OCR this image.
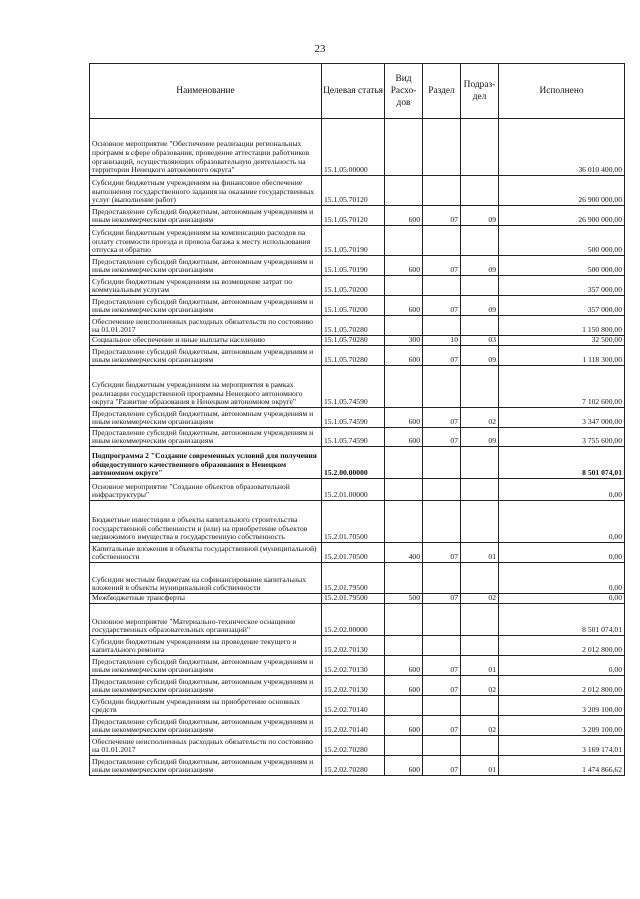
23
Наименование	Целевая статья	Вид Расхо-дов	Раздел	Подраз-дел	Исполнено
Основное мероприятие "Обеспечение реализации региональных программ в сфере образования, проведение аттестации работников организаций, осуществляющих образовательную деятельность на территории Ненецкого автономного округа"	15.1.05.00000				36 010 400,00
Субсидии бюджетным учреждениям на финансовое обеспечение выполнения государственного задания на оказание государственных услуг (выполнение работ)	15.1.05.70120				26 900 000,00
Предоставление субсидий бюджетным, автономным учреждениям и иным некоммерческим организациям	15.1.05.70120	600	07	09	26 900 000,00
Субсидии бюджетным учреждениям на компенсацию расходов на оплату стоимости проезда и провоза багажа к месту использования отпуска и обратно	15.1.05.70190				500 000,00
Предоставление субсидий бюджетным, автономным учреждениям и иным некоммерческим организациям	15.1.05.70190	600	07	09	500 000,00
Субсидии бюджетным учреждениям на возмещение затрат по коммунальным услугам	15.1.05.70200				357 000,00
Предоставление субсидий бюджетным, автономным учреждениям и иным некоммерческим организациям	15.1.05.70200	600	07	09	357 000,00
Обеспечение неисполненных расходных обязательств по состоянию на 01.01.2017	15.1.05.70280				1 150 800,00
Социальное обеспечение и иные выплаты населению	15.1.05.70280	300	10	03	32 500,00
Предоставление субсидий бюджетным, автономным учреждениям и иным некоммерческим организациям	15.1.05.70280	600	07	09	1 118 300,00
Субсидии бюджетным учреждениям на мероприятия в рамках реализации государственной программы Ненецкого автономного округа "Развитие образования в Ненецком автономном округе"	15.1.05.74590				7 102 600,00
Предоставление субсидий бюджетным, автономным учреждениям и иным некоммерческим организациям	15.1.05.74590	600	07	02	3 347 000,00
Предоставление субсидий бюджетным, автономным учреждениям и иным некоммерческим организациям	15.1.05.74590	600	07	09	3 755 600,00
Подпрограмма 2 "Создание современных условий для получения общедоступного качественного образования в Ненецком автономном округе"	15.2.00.00000				8 501 074,01
Основное мероприятие "Создание объектов образовательной инфраструктуры"	15.2.01.00000				0,00
Бюджетные инвестиции в объекты капитального строительства государственной собственности и (или) на приобретение объектов недвижимого имущества в государственную собственность	15.2.01.70500				0,00
Капитальные вложения в объекты государственной (муниципальной) собственности	15.2.01.70500	400	07	01	0,00
Субсидии местным бюджетам на софинансирование капитальных вложений в объекты муниципальной собственности	15.2.01.79500				0,00
Межбюджетные трансферты	15.2.01.79500	500	07	02	0,00
Основное мероприятие "Материально-техническое оснащение государственных образовательных организаций"	15.2.02.00000				8 501 074,01
Субсидии бюджетным учреждениям на проведение текущего и капитального ремонта	15.2.02.70130				2 012 800,00
Предоставление субсидий бюджетным, автономным учреждениям и иным некоммерческим организациям	15.2.02.70130	600	07	01	0,00
Предоставление субсидий бюджетным, автономным учреждениям и иным некоммерческим организациям	15.2.02.70130	600	07	02	2 012 800,00
Субсидии бюджетным учреждениям на приобретение основных средств	15.2.02.70140				3 209 100,00
Предоставление субсидий бюджетным, автономным учреждениям и иным некоммерческим организациям	15.2.02.70140	600	07	02	3 209 100,00
Обеспечение неисполненных расходных обязательств по состоянию на 01.01.2017	15.2.02.70280				3 169 174,01
Предоставление субсидий бюджетным, автономным учреждениям и иным некоммерческим организациям	15.2.02.70280	600	07	01	1 474 866,62
